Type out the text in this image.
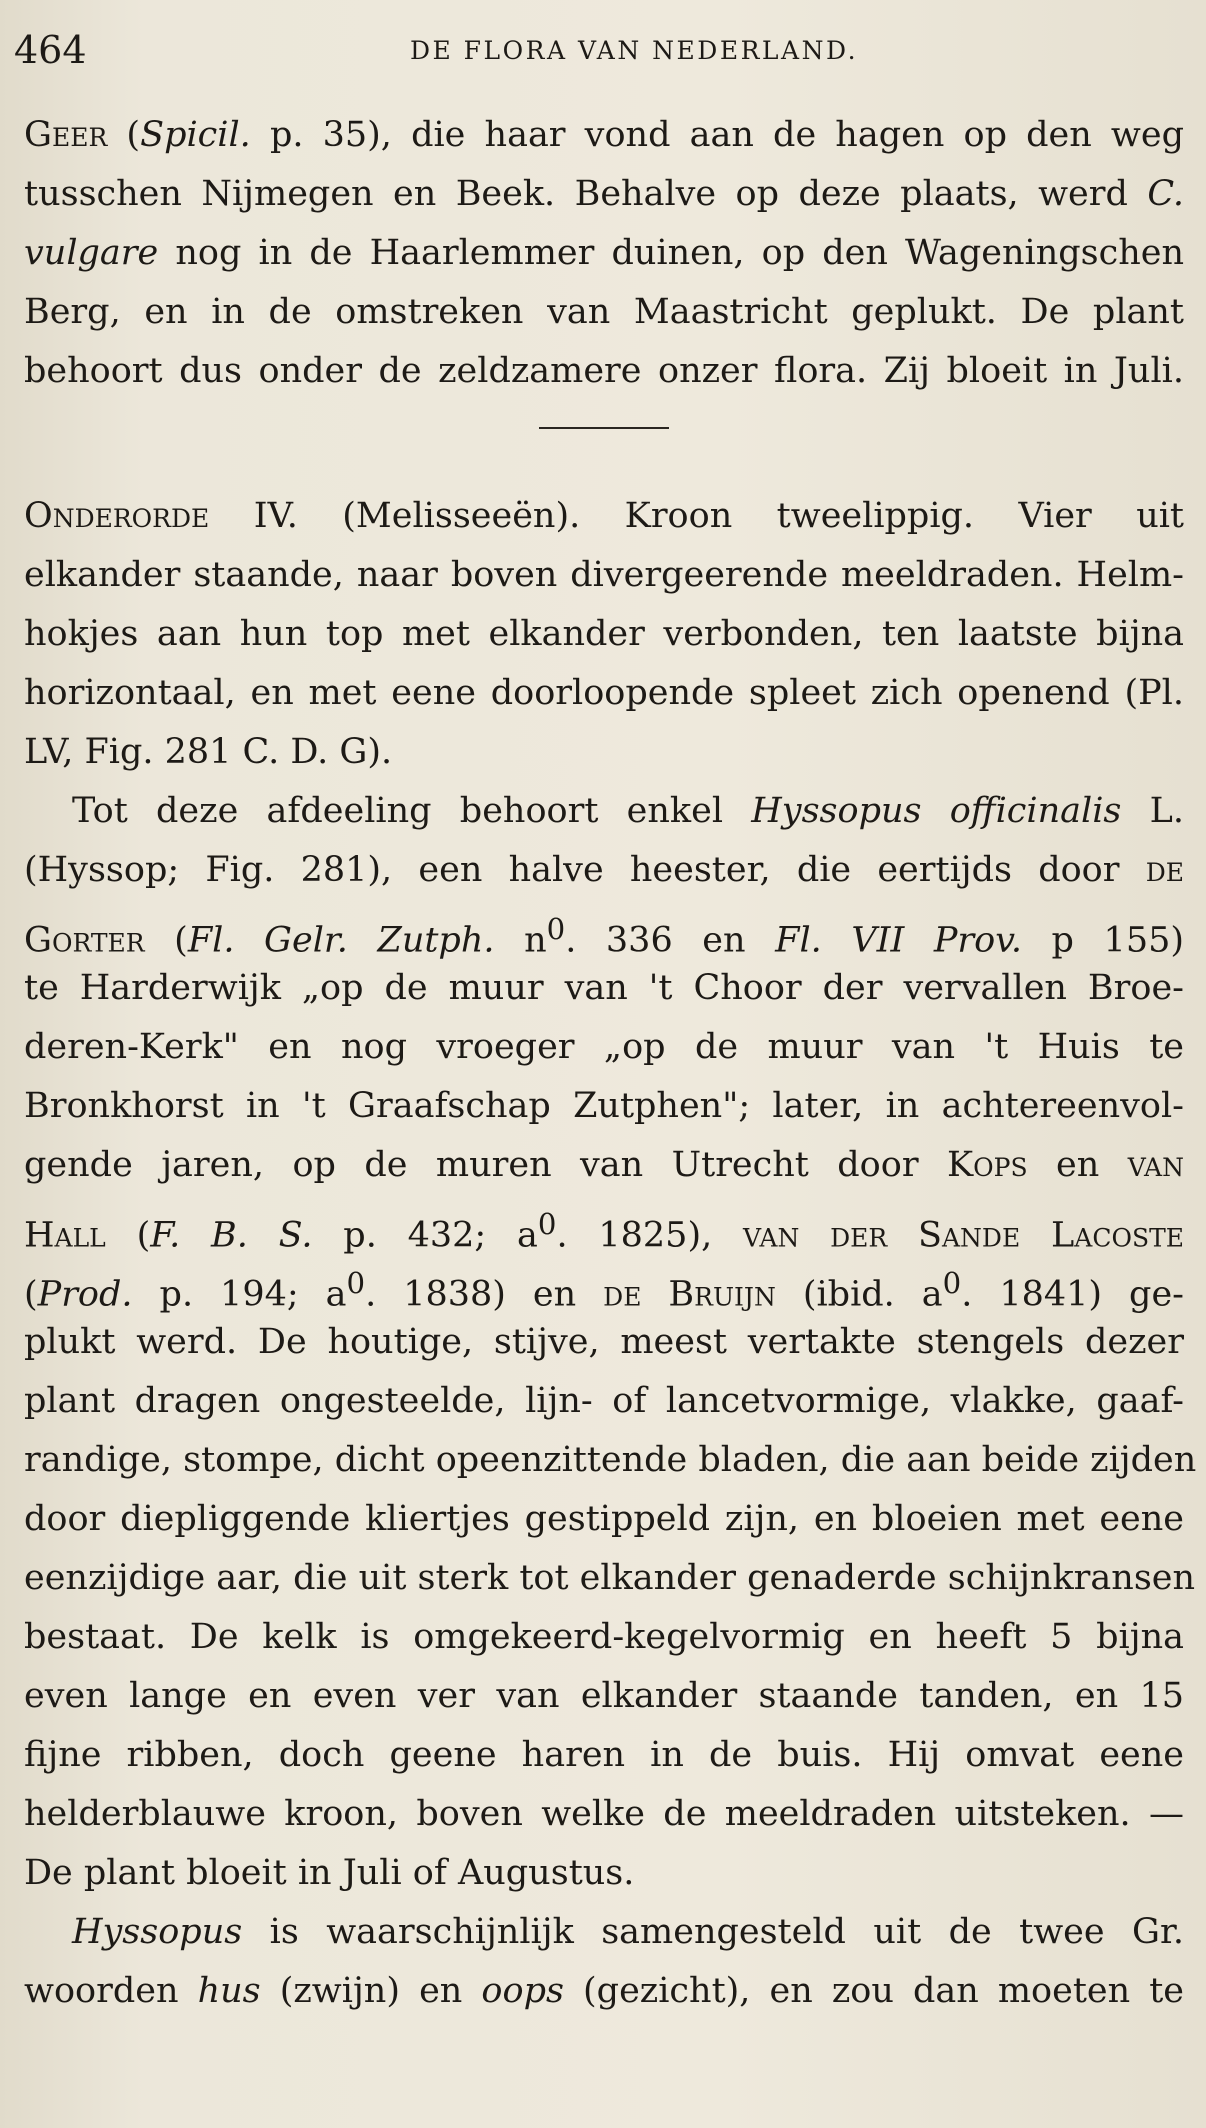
464	DE FLORA VAN NEDERLAND.
Geer (Spicil. p. 35), die haar vond aan de hagen op den weg
tusschen Nijmegen en Beek. Behalve op deze plaats, werd C.
vulgare nog in de Haarlemmer duinen, op den Wageningschen
Berg, en in de omstreken van Maastricht geplukt. De plant
behoort dus onder de zeldzamere onzer flora. Zij bloeit in Juli.
Onderorde IV. (Melisseeën). Kroon tweelippig. Vier uit
elkander staande, naar boven divergeerende meeldraden. Helm-
hokjes aan hun top met elkander verbonden, ten laatste bijna
horizontaal, en met eene doorloopende spleet zich openend (Pl.
LV, Fig. 281 C. D. G).
Tot deze afdeeling behoort enkel Hyssopus officinalis L.
(Hyssop; Fig. 281), een halve heester, die eertijds door de
Gorter (Fl. Gelr. Zutph. $n^0$. 336 en Fl. VII Prov. p 155)
te Harderwijk „op de muur van 't Choor der vervallen Broe-
deren-Kerk" en nog vroeger „op de muur van 't Huis te
Bronkhorst in 't Graafschap Zutphen"; later, in achtereenvol-
gende jaren, op de muren van Utrecht door Kops en van
Hall (F. B. S. p. 432; $a^0$. 1825), van der Sande Lacoste
(Prod. p. 194; $a^0$. 1838) en de Bruijn (ibid. $a^0$. 1841) ge-
plukt werd. De houtige, stijve, meest vertakte stengels dezer
plant dragen ongesteelde, lijn- of lancetvormige, vlakke, gaaf-
randige, stompe, dicht opeenzittende bladen, die aan beide zijden
door diepliggende kliertjes gestippeld zijn, en bloeien met eene
eenzijdige aar, die uit sterk tot elkander genaderde schijnkransen
bestaat. De kelk is omgekeerd-kegelvormig en heeft 5 bijna
even lange en even ver van elkander staande tanden, en 15
fijne ribben, doch geene haren in de buis. Hij omvat eene
helderblauwe kroon, boven welke de meeldraden uitsteken. —
De plant bloeit in Juli of Augustus.
Hyssopus is waarschijnlijk samengesteld uit de twee Gr.
woorden hus (zwijn) en oops (gezicht), en zou dan moeten te
